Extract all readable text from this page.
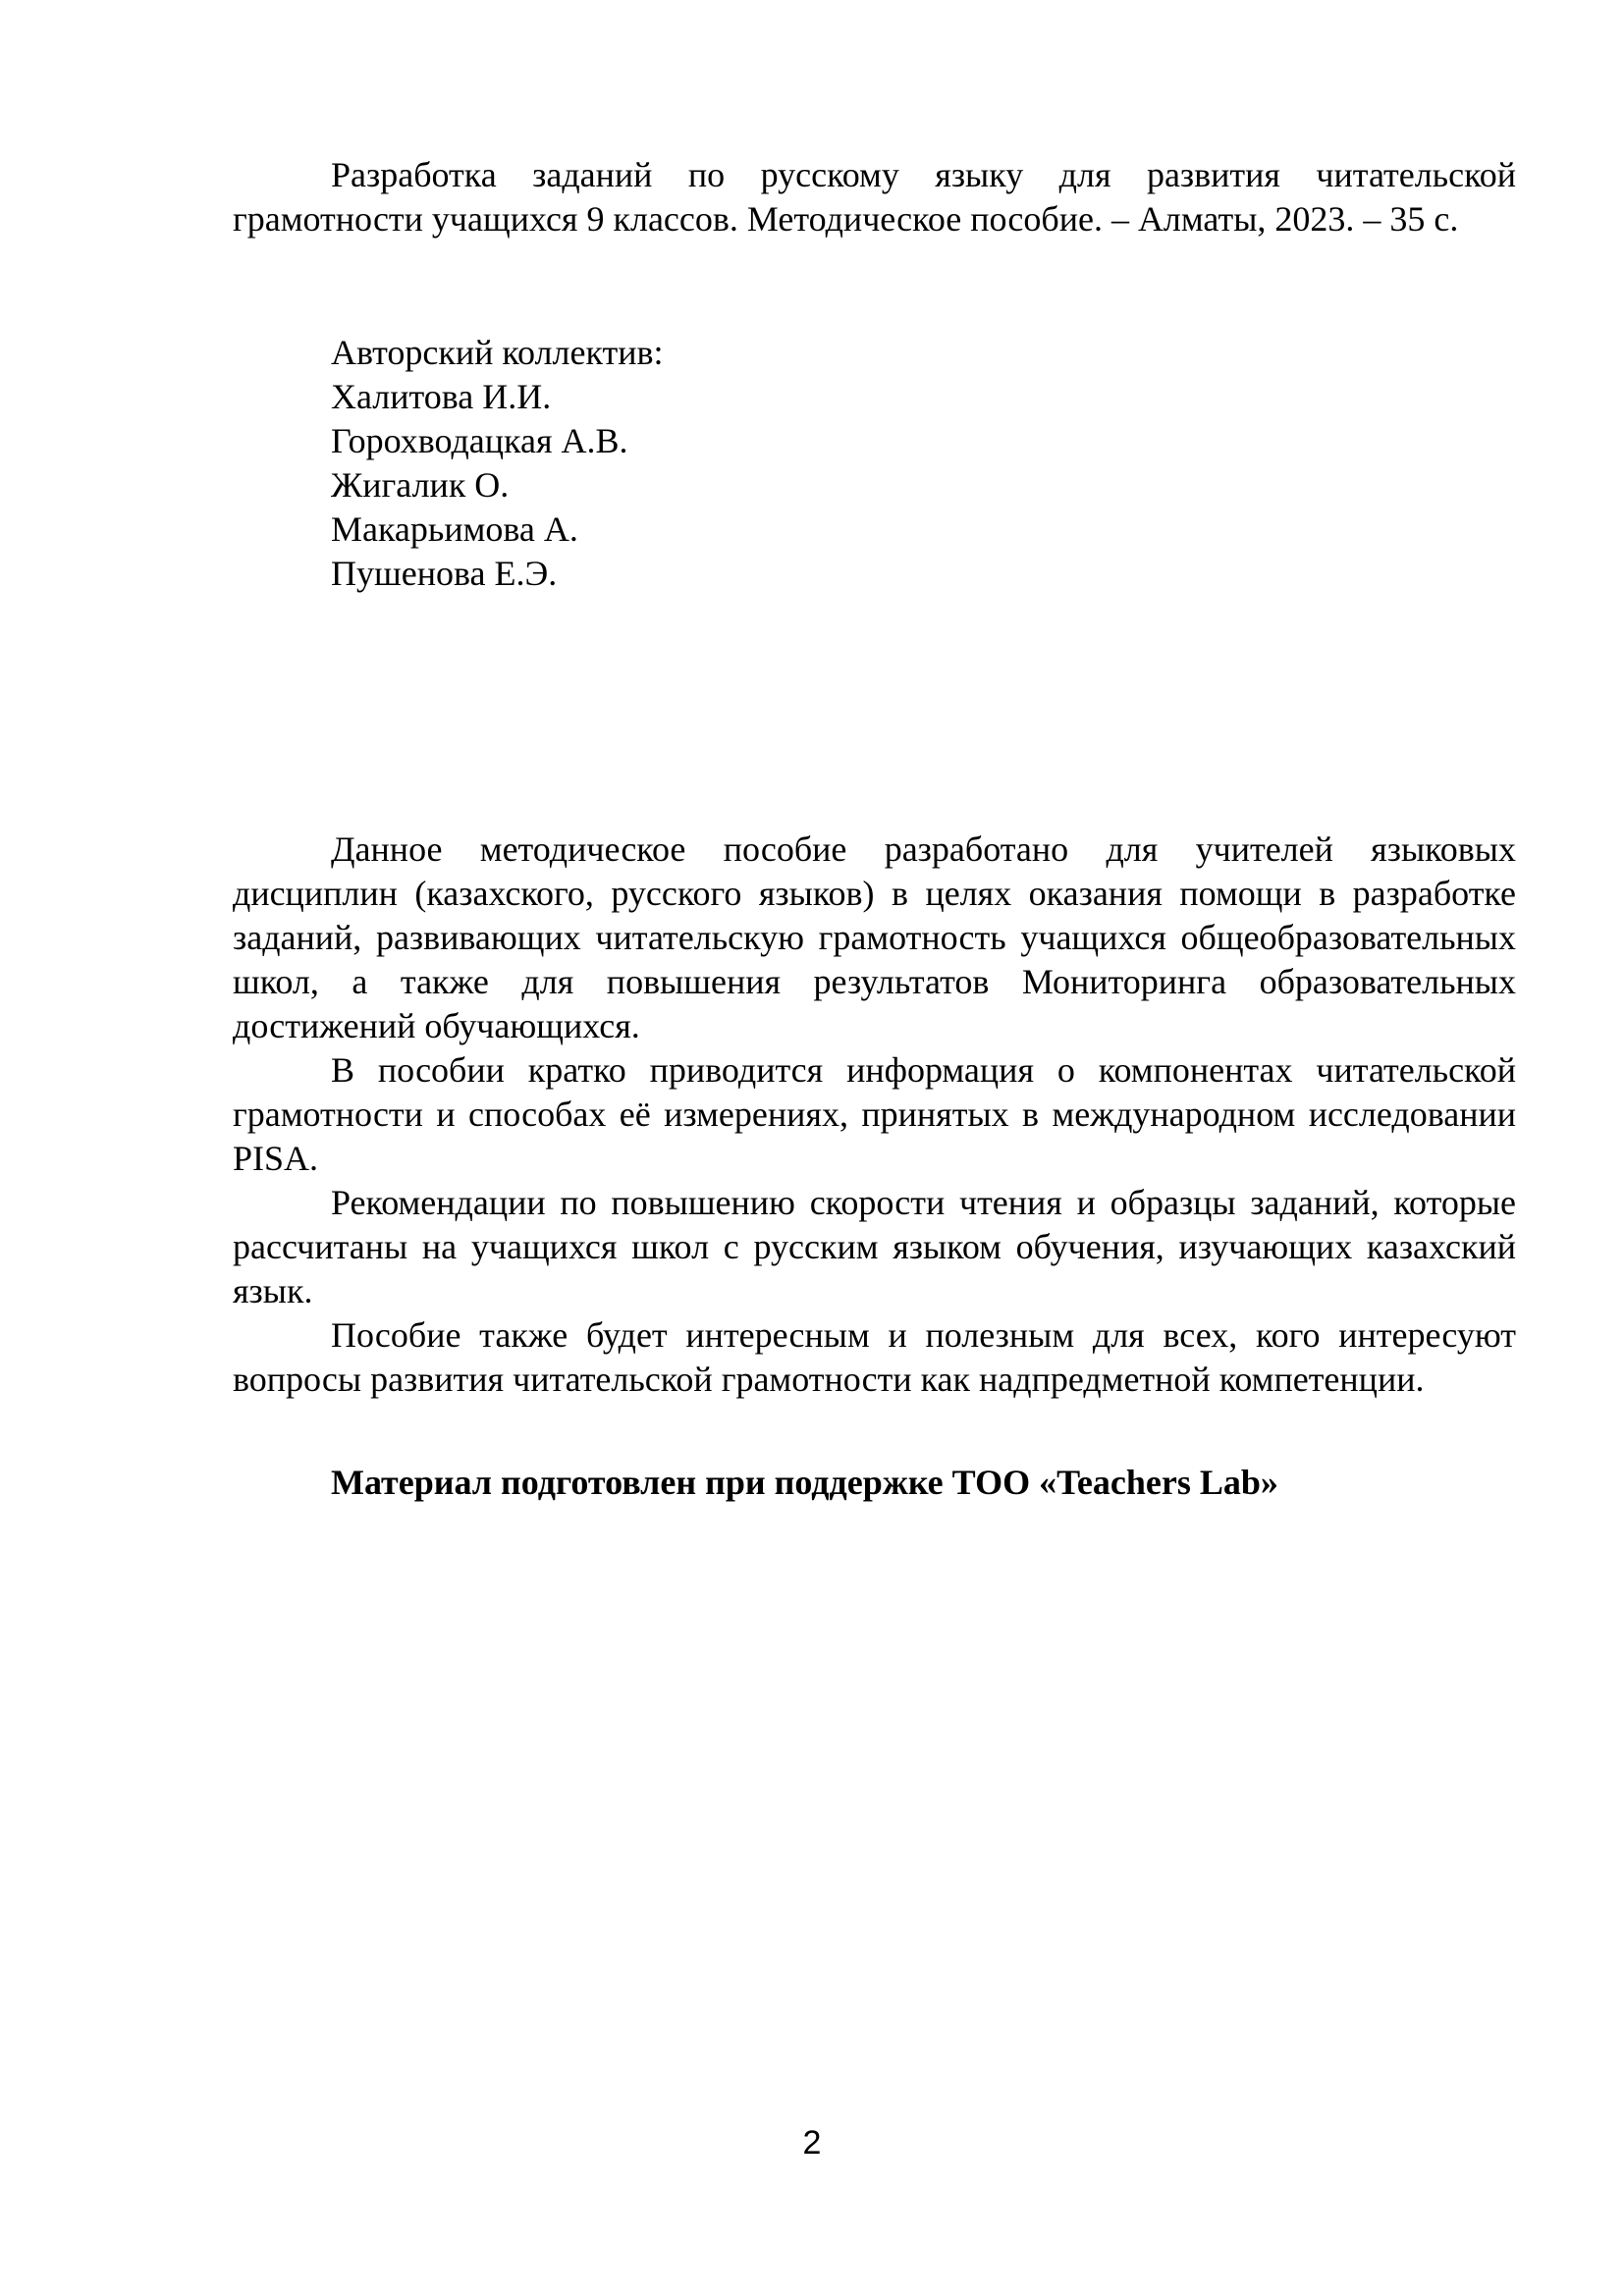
Разработка заданий по русскому языку для развития читательской грамотности учащихся 9 классов. Методическое пособие. – Алматы, 2023. – 35 с.

Авторский коллектив:
Халитова И.И.
Горохводацкая А.В.
Жигалик О.
Макарьимова А.
Пушенова Е.Э.

Данное методическое пособие разработано для учителей языковых дисциплин (казахского, русского языков) в целях оказания помощи в разработке заданий, развивающих читательскую грамотность учащихся общеобразовательных школ, а также для повышения результатов Мониторинга образовательных достижений обучающихся.

В пособии кратко приводится информация о компонентах читательской грамотности и способах её измерениях, принятых в международном исследовании PISA.

Рекомендации по повышению скорости чтения и образцы заданий, которые рассчитаны на учащихся школ с русским языком обучения, изучающих казахский язык.

Пособие также будет интересным и полезным для всех, кого интересуют вопросы развития читательской грамотности как надпредметной компетенции.

Материал подготовлен при поддержке ТОО «Teachers Lab»

2
